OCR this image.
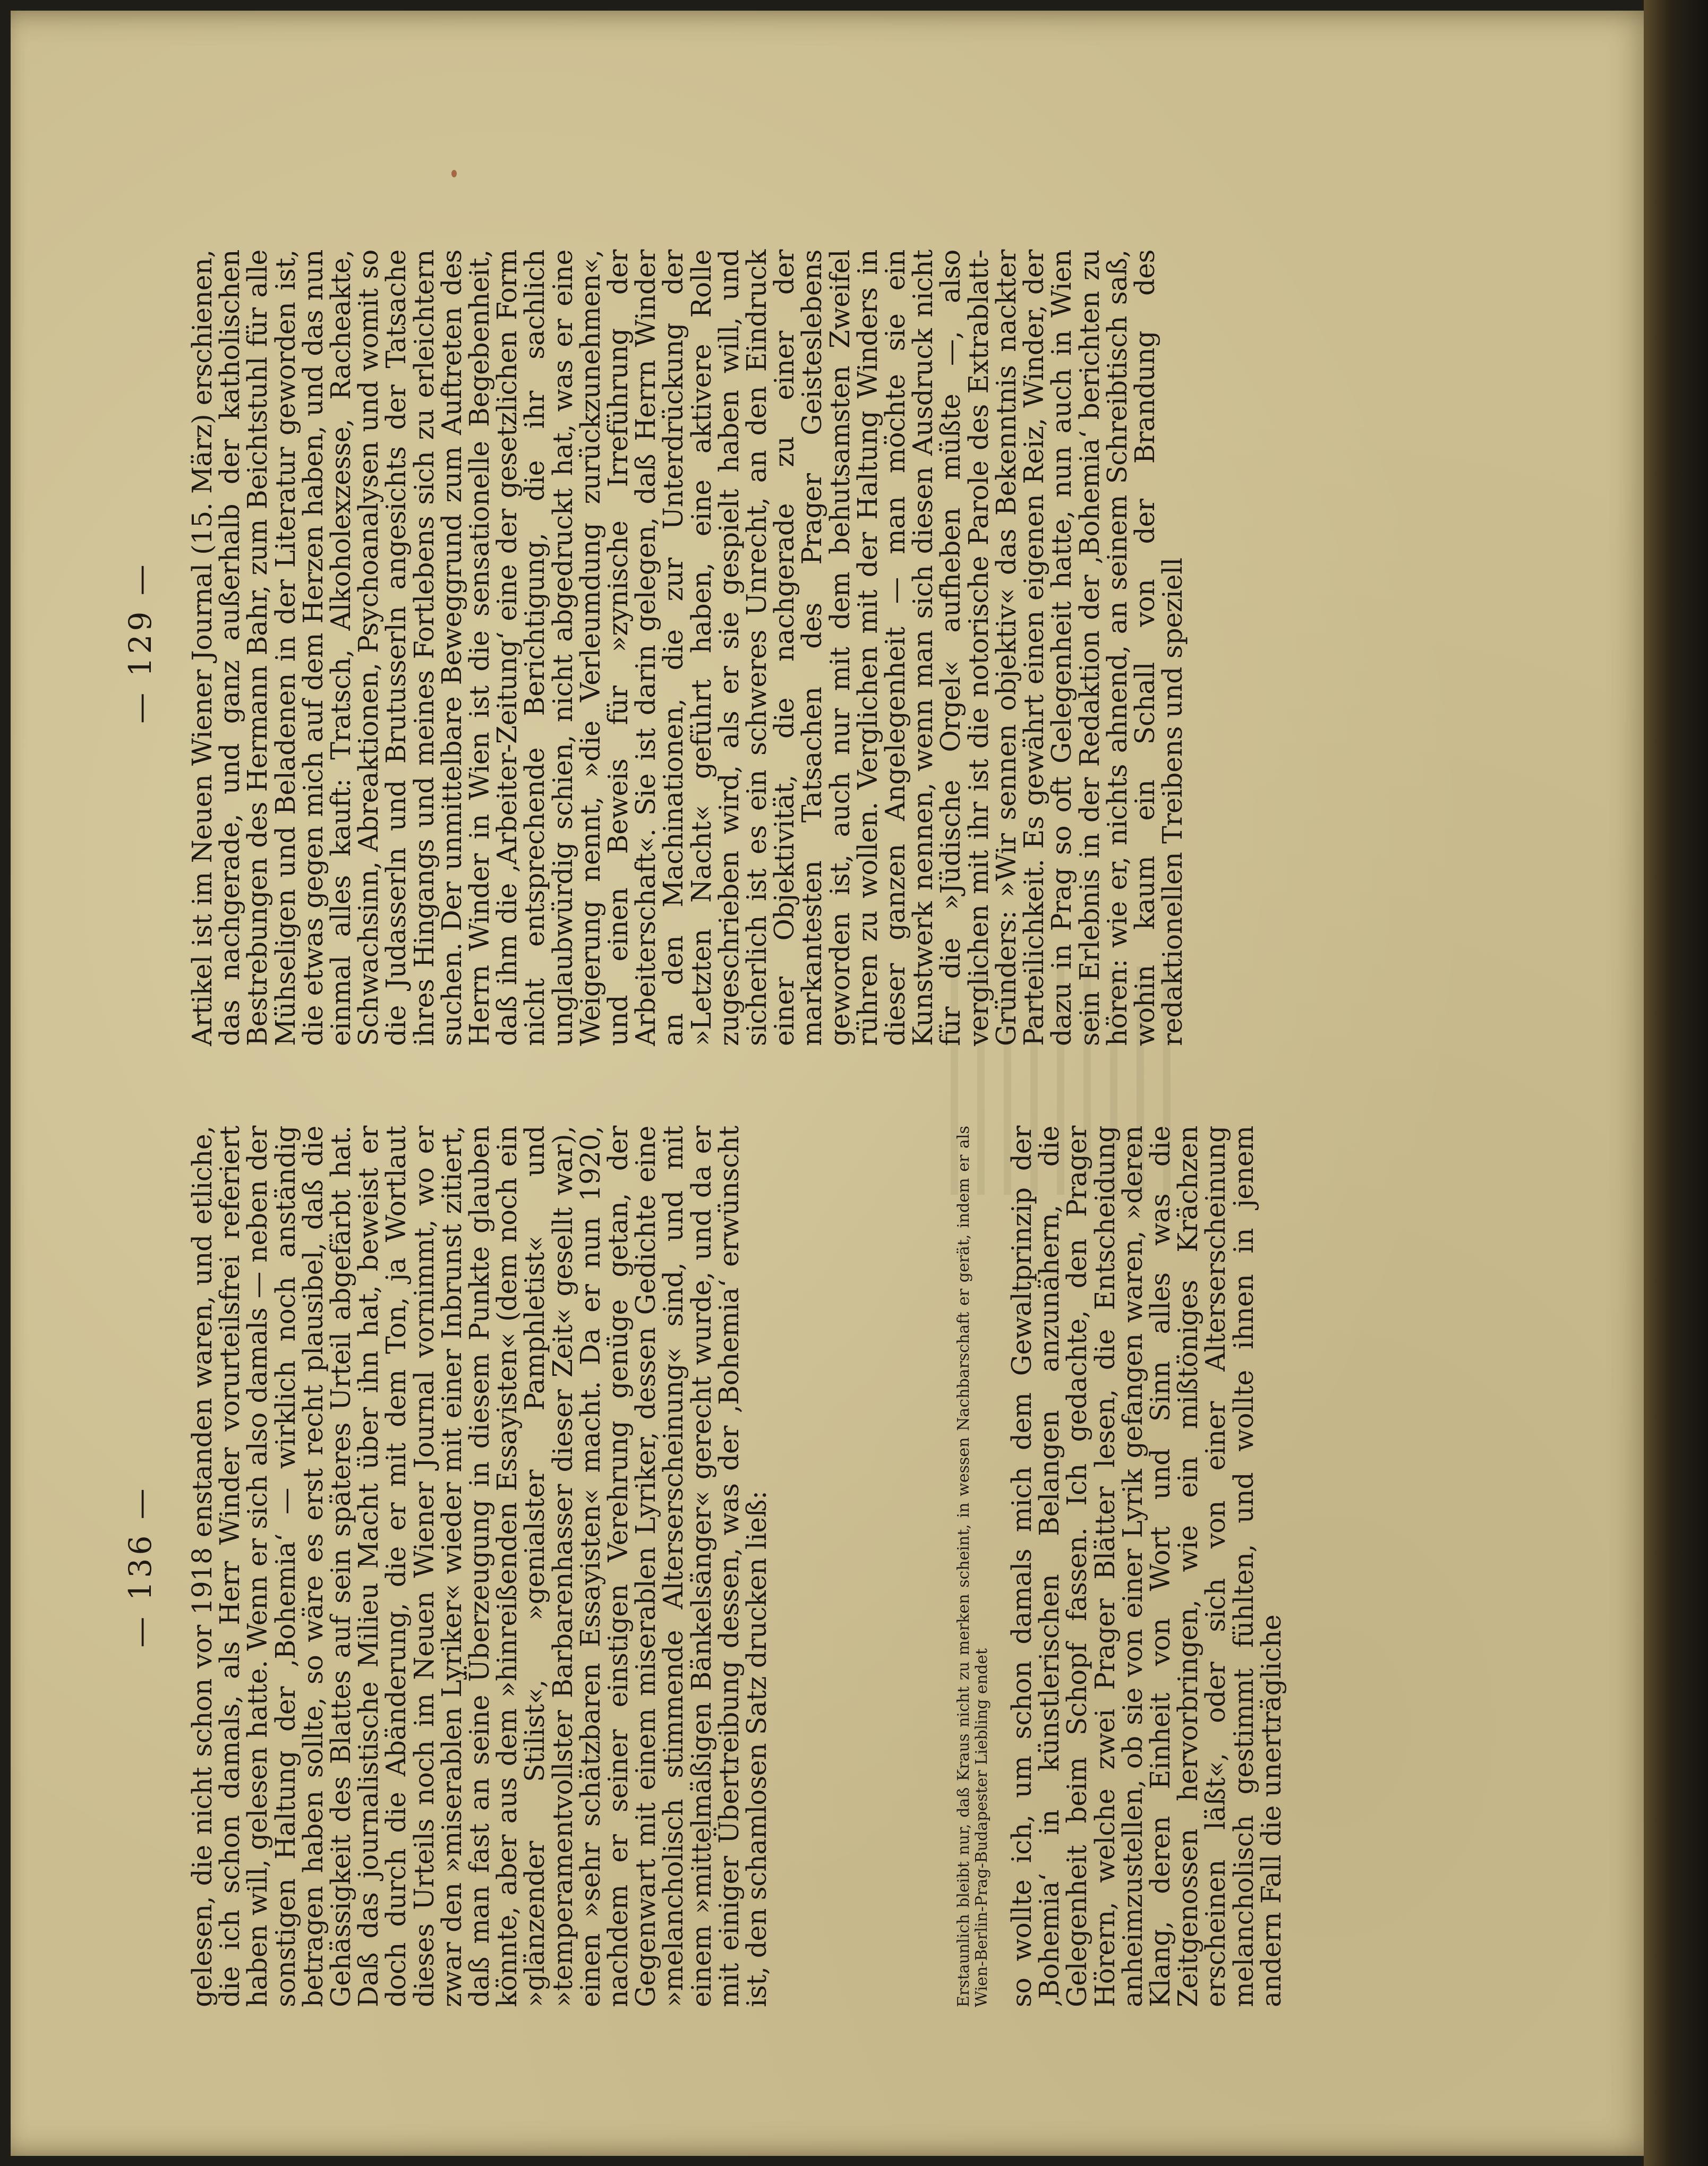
— 136 — gelesen, die nicht schon vor 1918 enstanden waren, und etliche, die ich schon damals, als Herr Winder vorurteilsfrei referiert haben will, gelesen hatte. Wenn er sich also damals — neben der sonstigen Haltung der ‚Bohemia‘ — wirklich noch anständig betragen haben sollte, so wäre es erst recht plausibel, daß die Gehässigkeit des Blattes auf sein späteres Urteil abgefärbt hat. Daß das journalistische Milieu Macht über ihn hat, beweist er doch durch die Abänderung, die er mit dem Ton, ja Wortlaut dieses Urteils noch im Neuen Wiener Journal vornimmt, wo er zwar den »miserablen Lyriker« wieder mit einer Inbrunst zitiert, daß man fast an seine Überzeugung in diesem Punkte glauben könnte, aber aus dem »hinreißenden Essayisten« (dem noch ein »glänzender Stilist«, »genialster Pamphletist« und »temperamentvollster Barbarenhasser dieser Zeit« gesellt war), einen »sehr schätzbaren Essayisten« macht. Da er nun 1920, nachdem er seiner einstigen Verehrung genüge getan, der Gegenwart mit einem miserablen Lyriker, dessen Gedichte eine »melancholisch stimmende Alterserscheinung« sind, und mit einem »mittelmäßigen Bänkelsänger« gerecht wurde, und da er mit einiger Übertreibung dessen, was der ‚Bohemia‘ erwünscht ist, den schamlosen Satz drucken ließ:	Erstaunlich bleibt nur, daß Kraus nicht zu merken scheint, in wessen Nachbarschaft er gerät, indem er als Wien-Berlin-Prag-Budapester Liebling endet so wollte ich, um schon damals mich dem Gewaltprinzip der ‚Bohemia‘ in künstlerischen Belangen anzunähern, die Gelegenheit beim Schopf fassen. Ich gedachte, den Prager Hörern, welche zwei Prager Blätter lesen, die Entscheidung anheimzustellen, ob sie von einer Lyrik gefangen waren, »deren Klang, deren Einheit von Wort und Sinn alles was die Zeitgenossen hervorbringen, wie ein mißtöniges Krächzen erscheinen läßt«, oder sich von einer Alterserscheinung melancholisch gestimmt fühlten, und wollte ihnen in jenem andern Fall die unerträgliche

— 129 — Artikel ist im Neuen Wiener Journal (15. März) erschienen, das nachgerade, und ganz außerhalb der katholischen Bestrebungen des Hermann Bahr, zum Beichtstuhl für alle Mühseligen und Beladenen in der Literatur geworden ist, die etwas gegen mich auf dem Herzen haben, und das nun einmal alles kauft: Tratsch, Alkoholexzesse, Racheakte, Schwachsinn, Abreaktionen, Psychoanalysen und womit so die Judasserln und Brutusserln angesichts der Tatsache ihres Hingangs und meines Fortlebens sich zu erleichtern suchen. Der unmittelbare Beweggrund zum Auftreten des Herrn Winder in Wien ist die sensationelle Begebenheit, daß ihm die ‚Arbeiter-Zeitung‘ eine der gesetzlichen Form nicht entsprechende Berichtigung, die ihr sachlich unglaubwürdig schien, nicht abgedruckt hat, was er eine Weigerung nennt, »die Verleumdung zurückzunehmen«, und einen Beweis für »zynische Irreführung der Arbeiterschaft«. Sie ist darin gelegen, daß Herrn Winder an den Machinationen, die zur Unterdrückung der »Letzten Nacht« geführt haben, eine aktivere Rolle zugeschrieben wird, als er sie gespielt haben will, und sicherlich ist es ein schweres Unrecht, an den Eindruck einer Objektivität, die nachgerade zu einer der markantesten Tatsachen des Prager Geisteslebens geworden ist, auch nur mit dem behutsamsten Zweifel rühren zu wollen. Verglichen mit der Haltung Winders in dieser ganzen Angelegenheit — man möchte sie ein Kunstwerk nennen, wenn man sich diesen Ausdruck nicht für die »Jüdische Orgel« aufheben müßte —, also verglichen mit ihr ist die notorische Parole des Extrablatt-Gründers: »Wir sennen objektiv« das Bekenntnis nackter Parteilichkeit. Es gewährt einen eigenen Reiz, Winder, der dazu in Prag so oft Gelegenheit hatte, nun auch in Wien sein Erlebnis in der Redaktion der ‚Bohemia‘ berichten zu hören: wie er, nichts ahnend, an seinem Schreibtisch saß, wohin kaum ein Schall von der Brandung des redaktionellen Treibens und speziell
